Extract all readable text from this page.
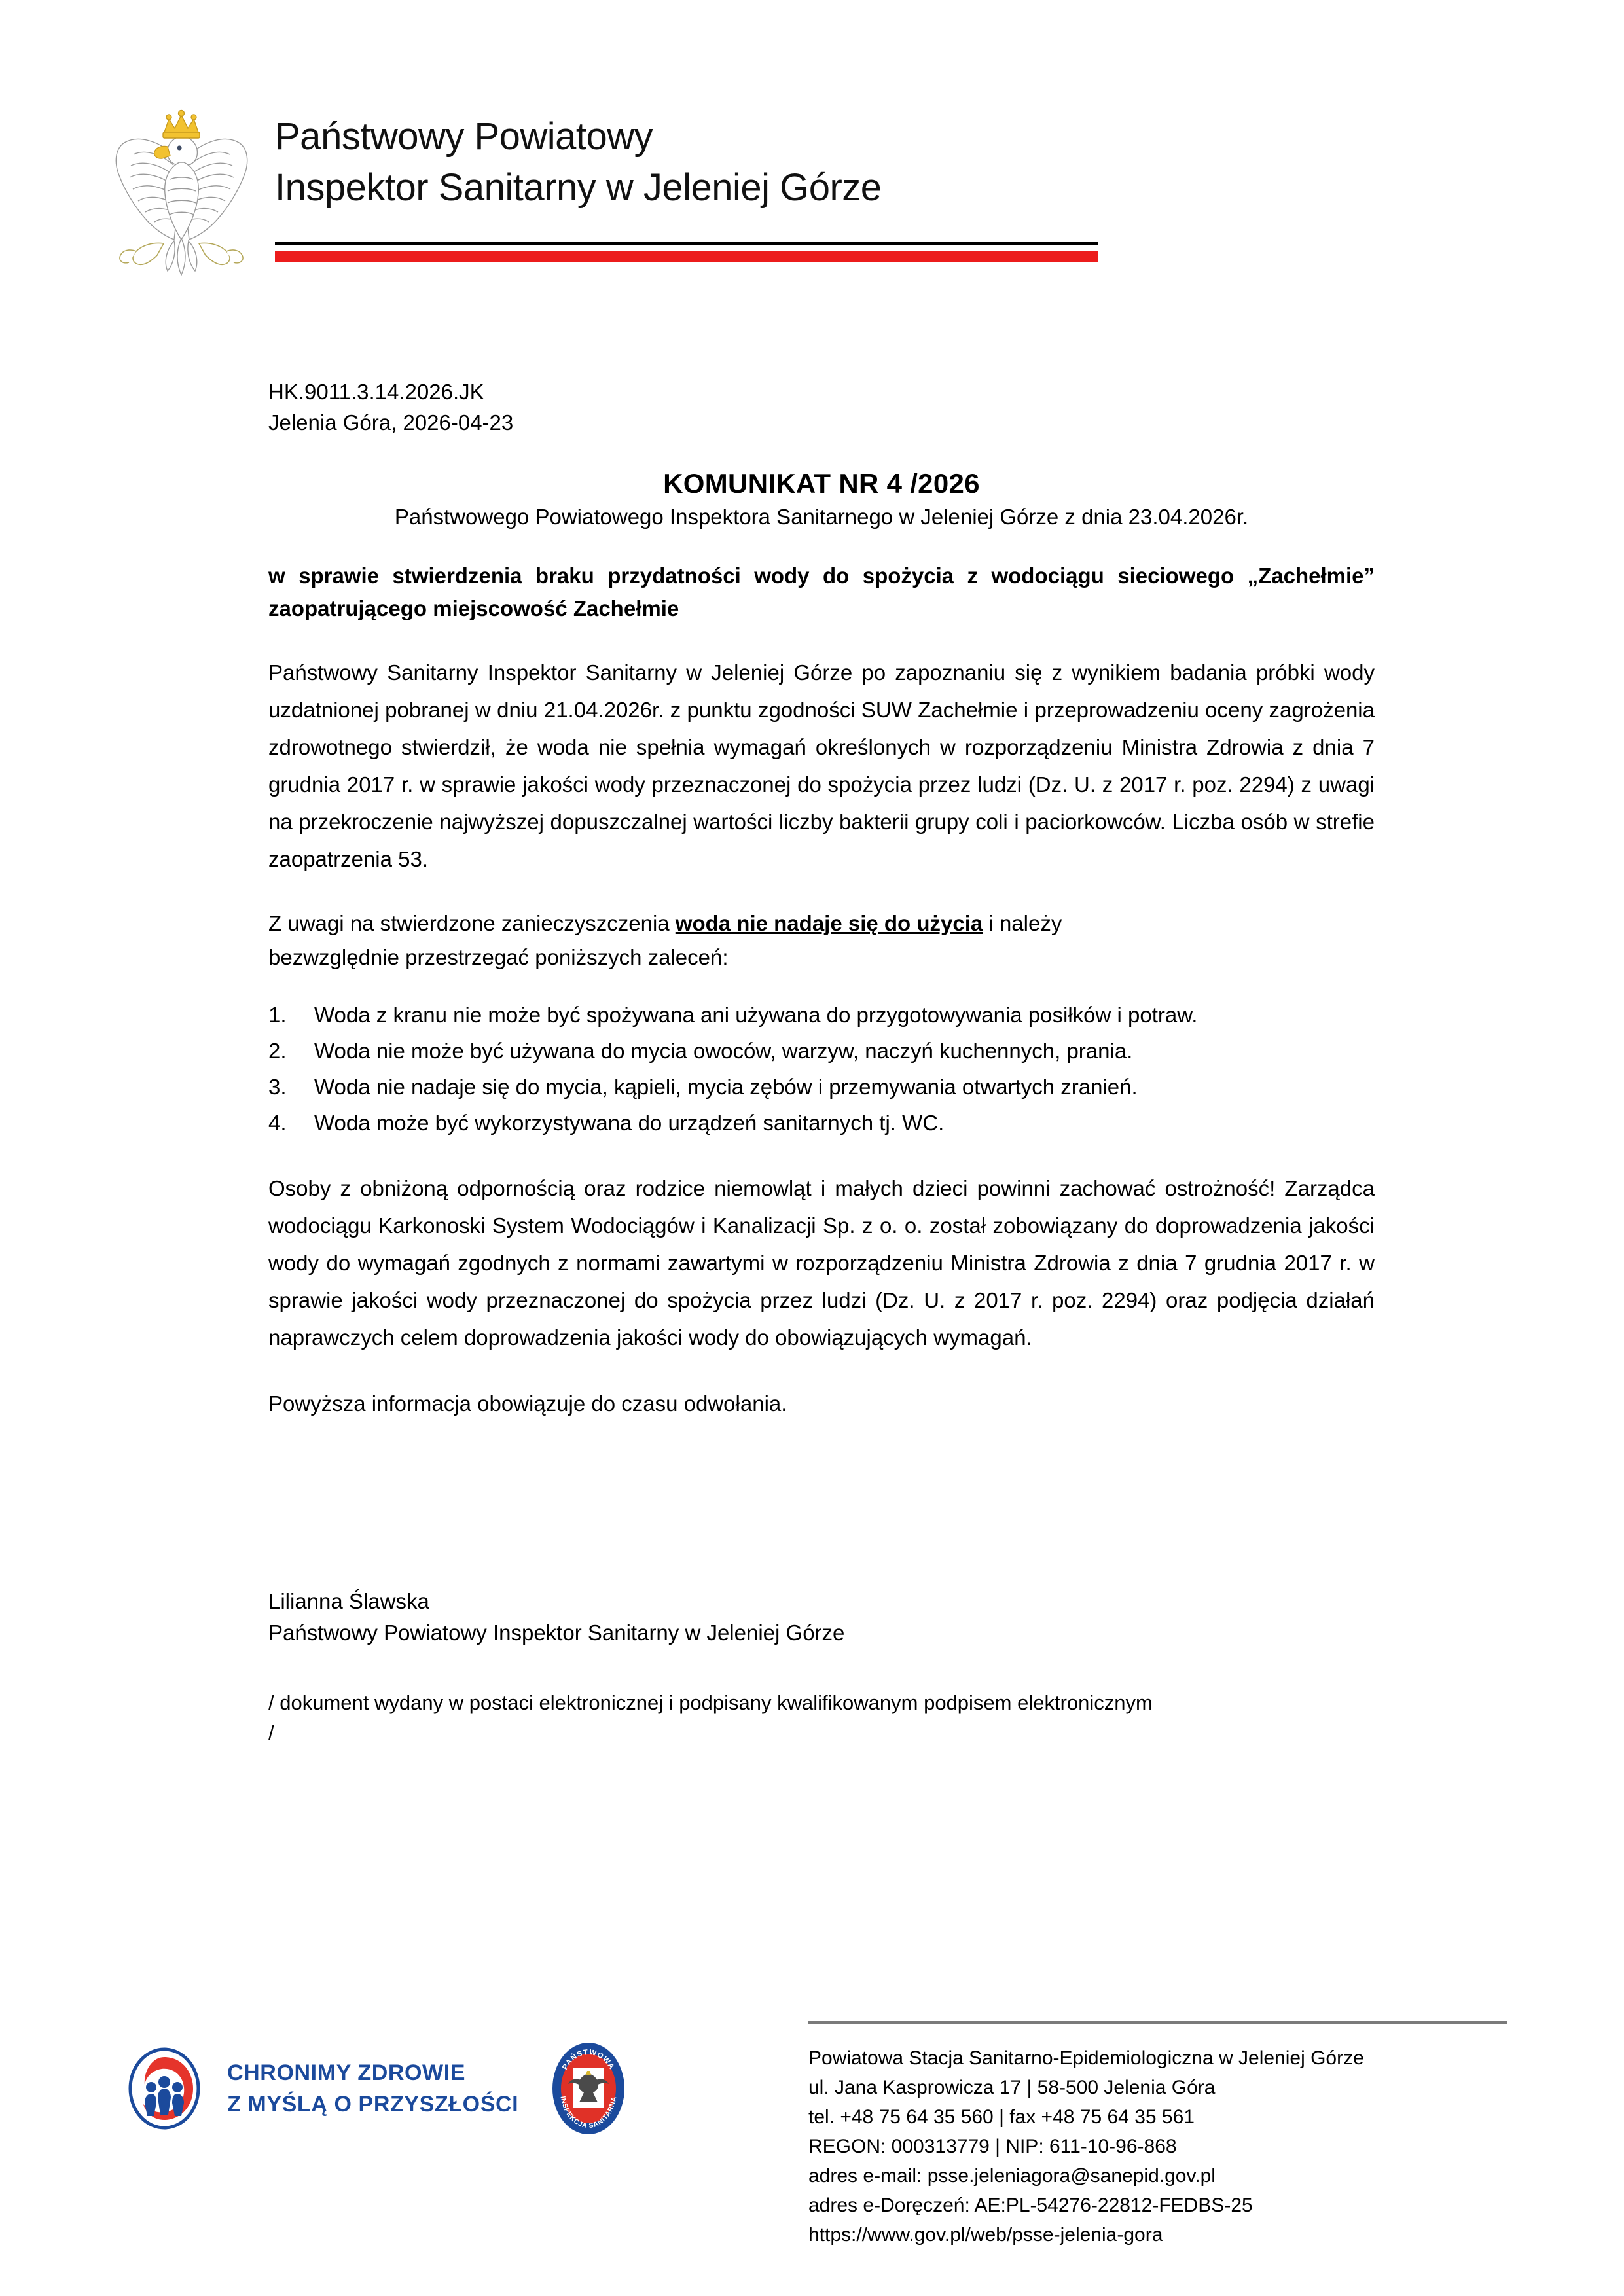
Państwowy Powiatowy
Inspektor Sanitarny w Jeleniej Górze
HK.9011.3.14.2026.JK
Jelenia Góra, 2026-04-23
KOMUNIKAT NR 4 /2026
Państwowego Powiatowego Inspektora Sanitarnego w Jeleniej Górze z dnia 23.04.2026r.
w sprawie stwierdzenia braku przydatności wody do spożycia z wodociągu sieciowego „Zachełmie” zaopatrującego miejscowość Zachełmie
Państwowy Sanitarny Inspektor Sanitarny w Jeleniej Górze po zapoznaniu się z wynikiem badania próbki wody uzdatnionej pobranej w dniu 21.04.2026r. z punktu zgodności SUW Zachełmie i przeprowadzeniu oceny zagrożenia zdrowotnego stwierdził, że woda nie spełnia wymagań określonych w rozporządzeniu Ministra Zdrowia z dnia 7 grudnia 2017 r. w sprawie jakości wody przeznaczonej do spożycia przez ludzi (Dz. U. z 2017 r. poz. 2294) z uwagi na przekroczenie najwyższej dopuszczalnej wartości liczby bakterii grupy coli i paciorkowców. Liczba osób w strefie zaopatrzenia 53.
Z uwagi na stwierdzone zanieczyszczenia woda nie nadaje się do użycia i należy
bezwzględnie przestrzegać poniższych zaleceń:
1.	Woda z kranu nie może być spożywana ani używana do przygotowywania posiłków i potraw.
2.	Woda nie może być używana do mycia owoców, warzyw, naczyń kuchennych, prania.
3.	Woda nie nadaje się do mycia, kąpieli, mycia zębów i przemywania otwartych zranień.
4.	Woda może być wykorzystywana do urządzeń sanitarnych tj. WC.
Osoby z obniżoną odpornością oraz rodzice niemowląt i małych dzieci powinni zachować ostrożność! Zarządca wodociągu Karkonoski System Wodociągów i Kanalizacji Sp. z o. o. został zobowiązany do doprowadzenia jakości wody do wymagań zgodnych z normami zawartymi w rozporządzeniu Ministra Zdrowia z dnia 7 grudnia 2017 r. w sprawie jakości wody przeznaczonej do spożycia przez ludzi (Dz. U. z 2017 r. poz. 2294) oraz podjęcia działań naprawczych celem doprowadzenia jakości wody do obowiązujących wymagań.
Powyższa informacja obowiązuje do czasu odwołania.
Lilianna Ślawska
Państwowy Powiatowy Inspektor Sanitarny w Jeleniej Górze
/ dokument wydany w postaci elektronicznej i podpisany kwalifikowanym podpisem elektronicznym
/
CHRONIMY ZDROWIE
Z MYŚLĄ O PRZYSZŁOŚCI
PAŃSTWOWA
INSPEKCJA SANITARNA
Powiatowa Stacja Sanitarno-Epidemiologiczna w Jeleniej Górze
ul. Jana Kasprowicza 17 | 58-500 Jelenia Góra
tel. +48 75 64 35 560 | fax +48 75 64 35 561
REGON: 000313779 | NIP: 611-10-96-868
adres e-mail: psse.jeleniagora@sanepid.gov.pl
adres e-Doręczeń: AE:PL-54276-22812-FEDBS-25
https://www.gov.pl/web/psse-jelenia-gora
